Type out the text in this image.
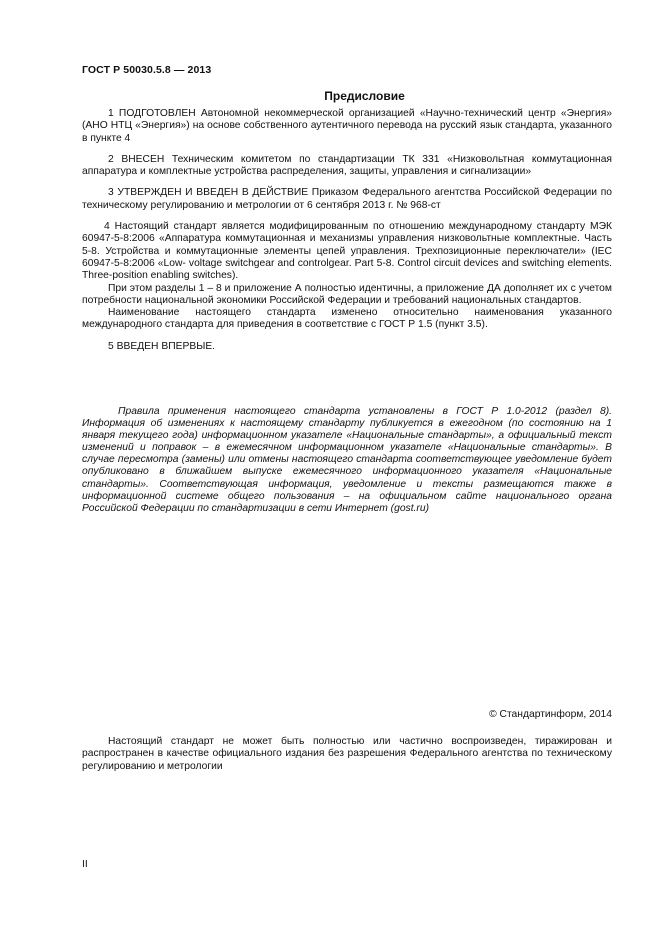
ГОСТ Р 50030.5.8 — 2013
Предисловие

1 ПОДГОТОВЛЕН Автономной некоммерческой организацией «Научно-технический центр «Энергия» (АНО НТЦ «Энергия») на основе собственного аутентичного перевода на русский язык стандарта, указанного в пункте 4

2 ВНЕСЕН Техническим комитетом по стандартизации ТК 331 «Низковольтная коммутационная аппаратура и комплектные устройства распределения, защиты, управления и сигнализации»

3 УТВЕРЖДЕН И ВВЕДЕН В ДЕЙСТВИЕ Приказом Федерального агентства Российской Федерации по техническому регулированию и метрологии от 6 сентября 2013 г. № 968-ст

4 Настоящий стандарт является модифицированным по отношению международному стандарту МЭК 60947-5-8:2006 «Аппаратура коммутационная и механизмы управления низковольтные комплектные. Часть 5-8. Устройства и коммутационные элементы цепей управления. Трехпозиционные переключатели» (IEC 60947-5-8:2006 «Low- voltage switchgear and controlgear. Part 5-8. Control circuit devices and switching elements. Three-position enabling switches).

При этом разделы 1 – 8 и приложение А полностью идентичны, а приложение ДА дополняет их с учетом потребности национальной экономики Российской Федерации и требований национальных стандартов.

Наименование настоящего стандарта изменено относительно наименования указанного международного стандарта для приведения в соответствие с ГОСТ Р 1.5 (пункт 3.5).

5 ВВЕДЕН ВПЕРВЫЕ.

Правила применения настоящего стандарта установлены в ГОСТ Р 1.0-2012 (раздел 8). Информация об изменениях к настоящему стандарту публикуется в ежегодном (по состоянию на 1 января текущего года) информационном указателе «Национальные стандарты», а официальный текст изменений и поправок – в ежемесячном информационном указателе «Национальные стандарты». В случае пересмотра (замены) или отмены настоящего стандарта соответствующее уведомление будет опубликовано в ближайшем выпуске ежемесячного информационного указателя «Национальные стандарты». Соответствующая информация, уведомление и тексты размещаются также в информационной системе общего пользования – на официальном сайте национального органа Российской Федерации по стандартизации в сети Интернет (gost.ru)
© Стандартинформ, 2014
Настоящий стандарт не может быть полностью или частично воспроизведен, тиражирован и распространен в качестве официального издания без разрешения Федерального агентства по техническому регулированию и метрологии
II
